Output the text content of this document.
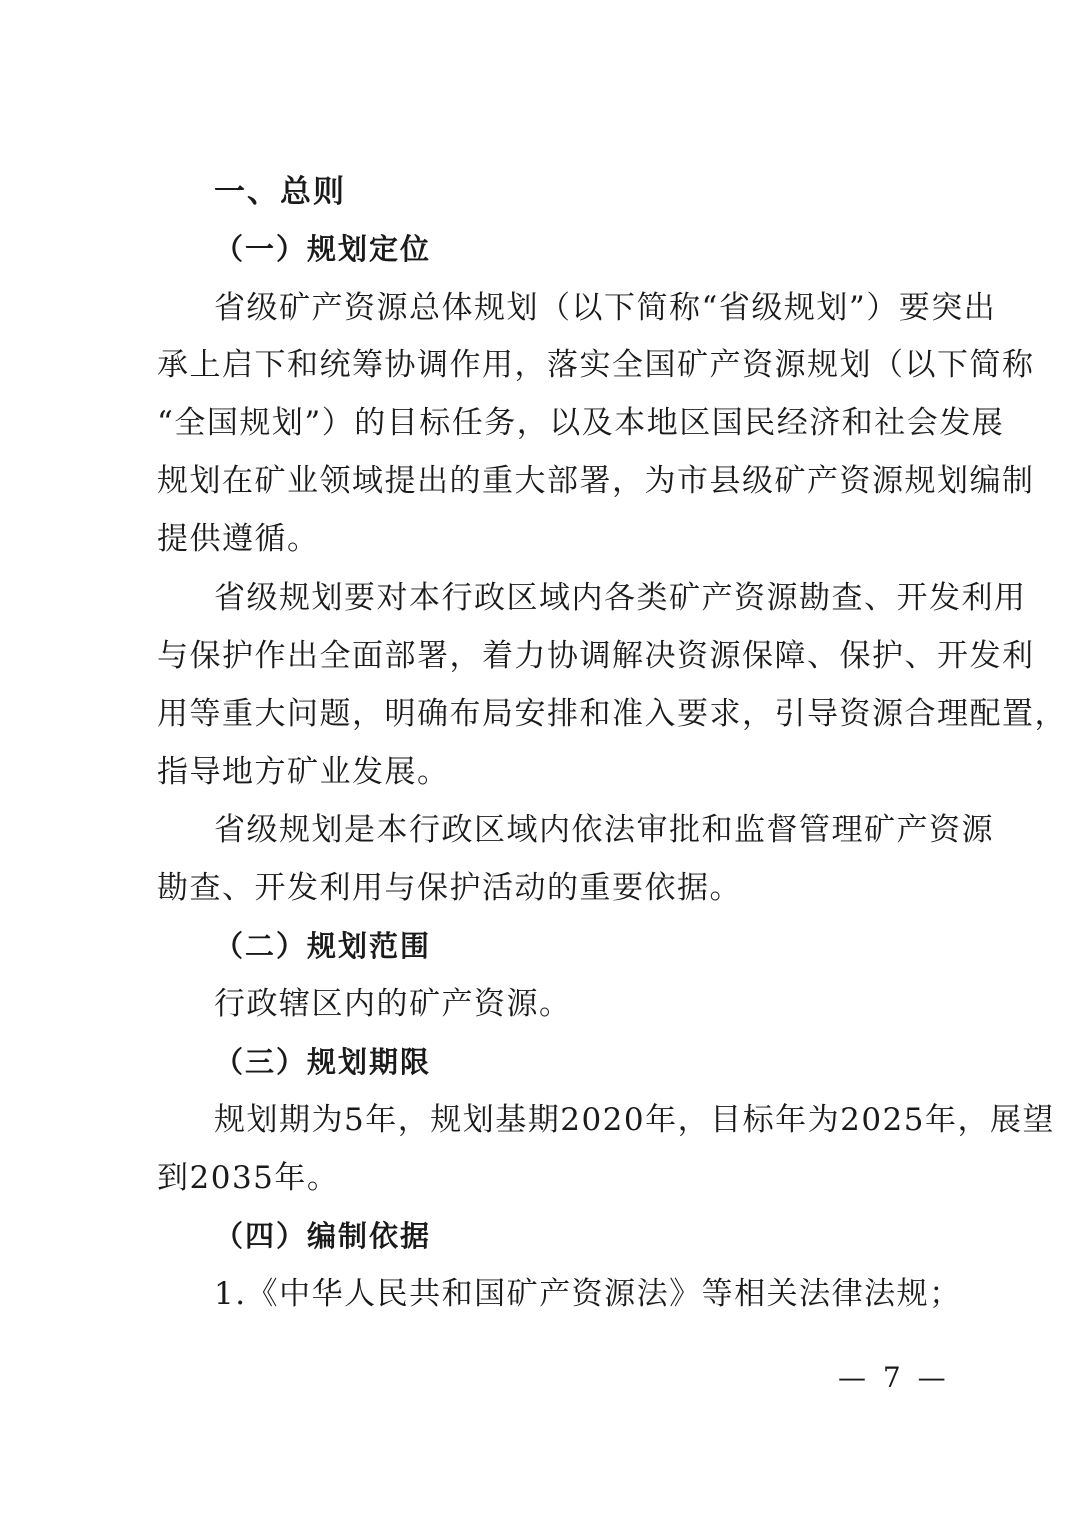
一、总则
（一）规划定位
省级矿产资源总体规划（以下简称“省级规划”）要突出
承上启下和统筹协调作用，落实全国矿产资源规划（以下简称
“全国规划”）的目标任务，以及本地区国民经济和社会发展
规划在矿业领域提出的重大部署，为市县级矿产资源规划编制
提供遵循。
省级规划要对本行政区域内各类矿产资源勘查、开发利用
与保护作出全面部署，着力协调解决资源保障、保护、开发利
用等重大问题，明确布局安排和准入要求，引导资源合理配置，
指导地方矿业发展。
省级规划是本行政区域内依法审批和监督管理矿产资源
勘查、开发利用与保护活动的重要依据。
（二）规划范围
行政辖区内的矿产资源。
（三）规划期限
规划期为5年，规划基期2020年，目标年为2025年，展望
到2035年。
（四）编制依据
1.《中华人民共和国矿产资源法》等相关法律法规；
— 7 —
